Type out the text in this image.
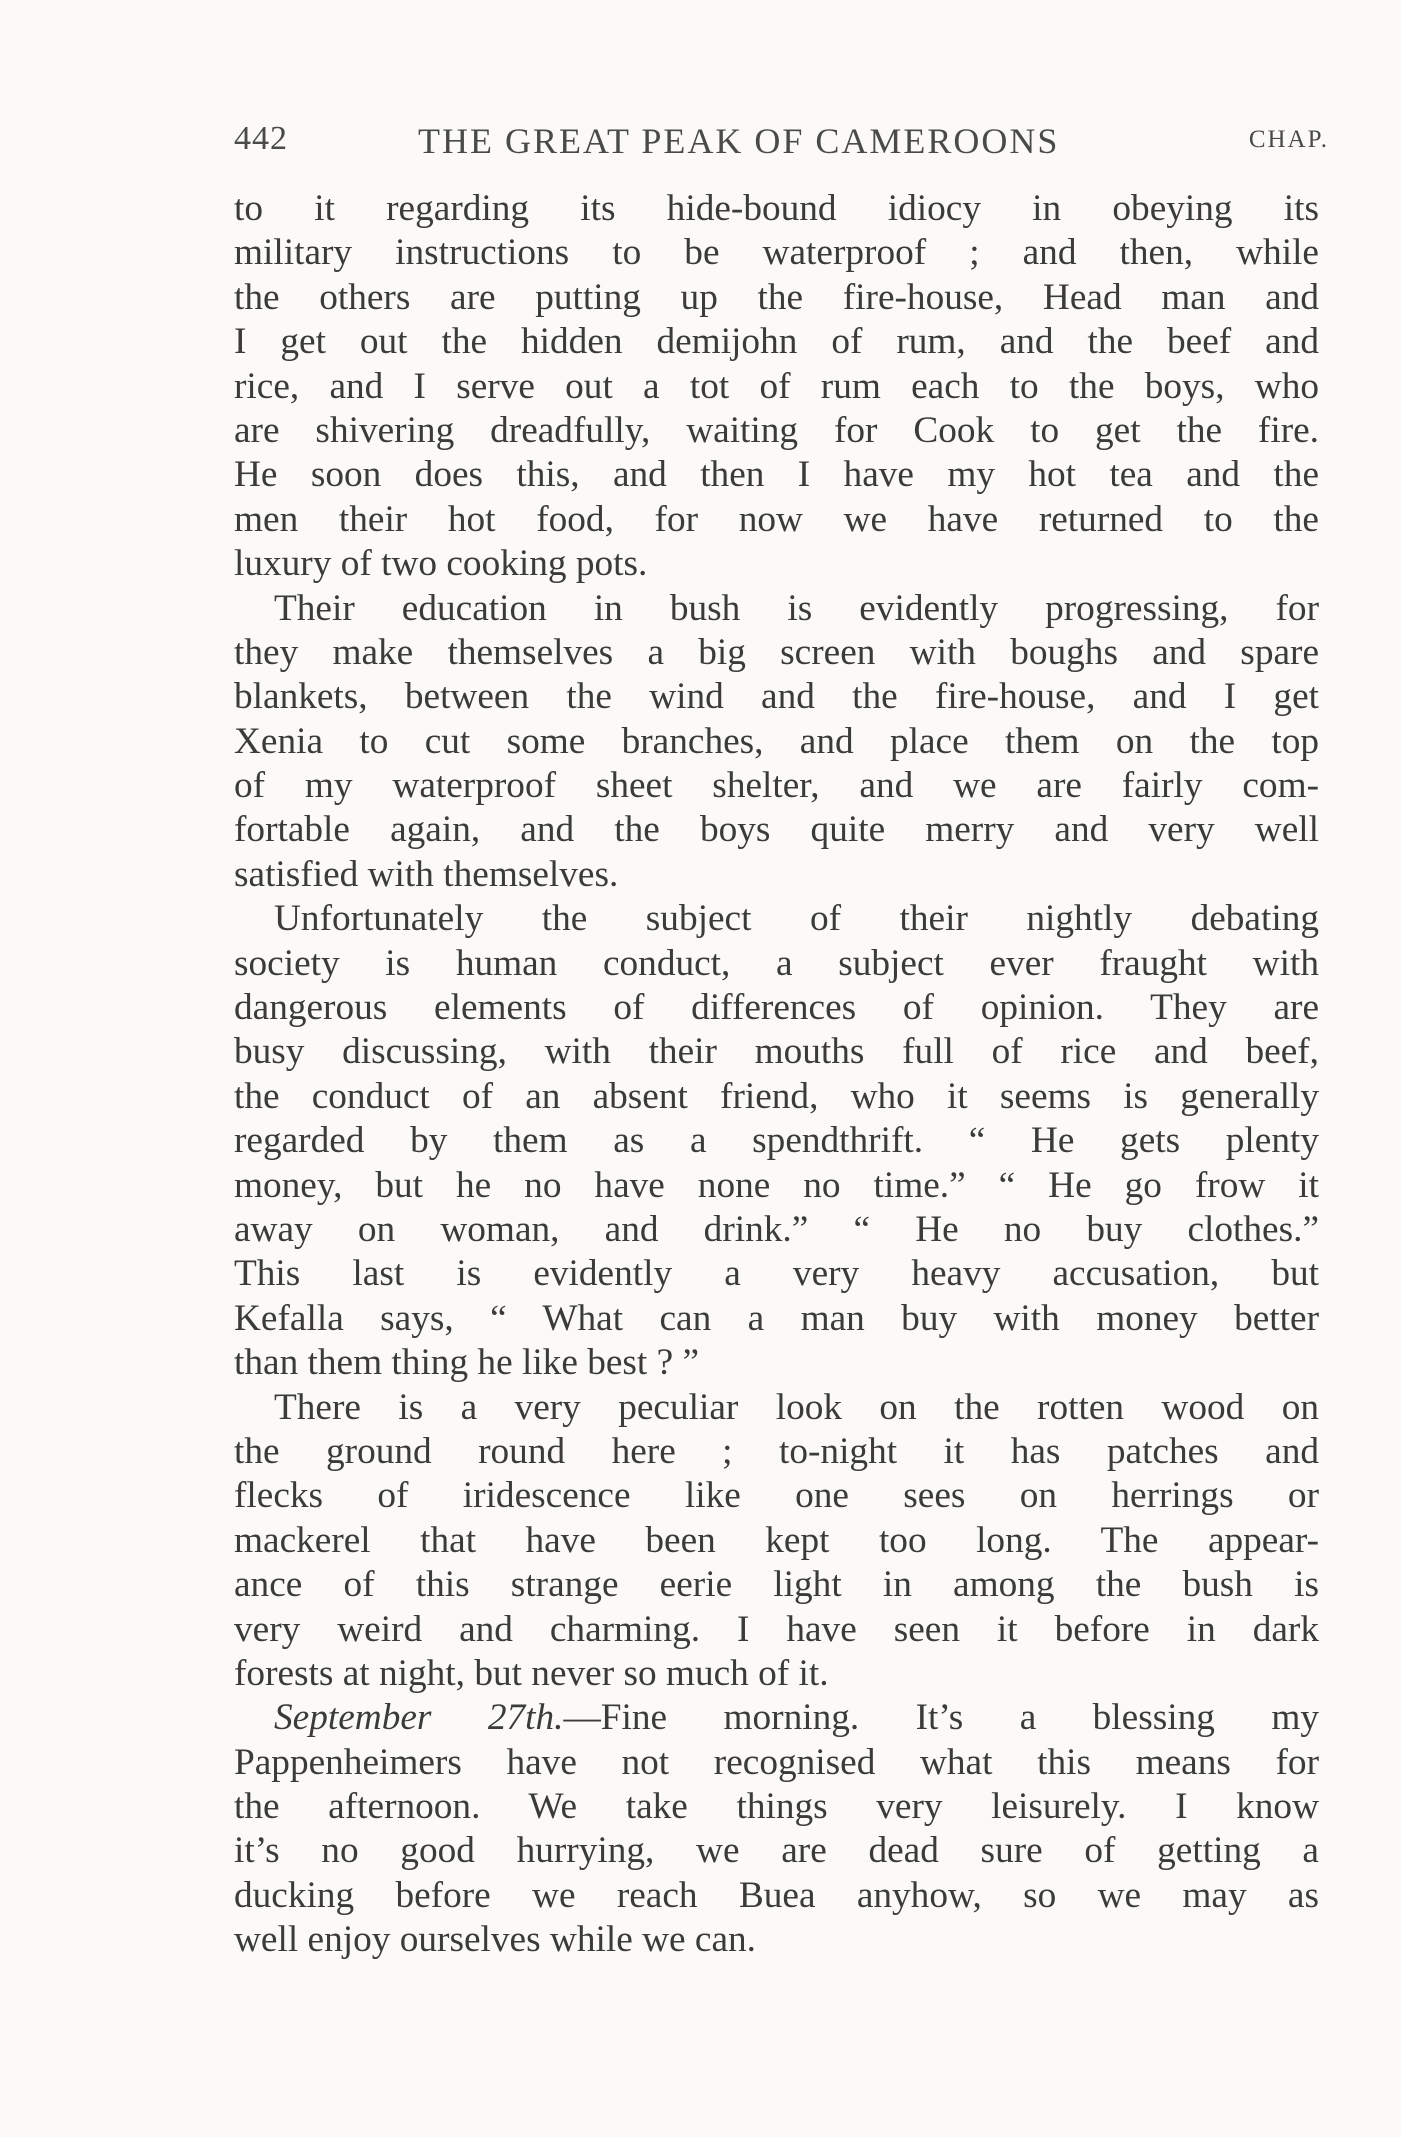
442	THE GREAT PEAK OF CAMEROONS	CHAP.
to it regarding its hide-bound idiocy in obeying its
military instructions to be waterproof ; and then, while
the others are putting up the fire-house, Head man and
I get out the hidden demijohn of rum, and the beef and
rice, and I serve out a tot of rum each to the boys, who
are shivering dreadfully, waiting for Cook to get the fire.
He soon does this, and then I have my hot tea and the
men their hot food, for now we have returned to the
luxury of two cooking pots.
Their education in bush is evidently progressing, for
they make themselves a big screen with boughs and spare
blankets, between the wind and the fire-house, and I get
Xenia to cut some branches, and place them on the top
of my waterproof sheet shelter, and we are fairly com-
fortable again, and the boys quite merry and very well
satisfied with themselves.
Unfortunately the subject of their nightly debating
society is human conduct, a subject ever fraught with
dangerous elements of differences of opinion. They are
busy discussing, with their mouths full of rice and beef,
the conduct of an absent friend, who it seems is generally
regarded by them as a spendthrift. “ He gets plenty
money, but he no have none no time.” “ He go frow it
away on woman, and drink.” “ He no buy clothes.”
This last is evidently a very heavy accusation, but
Kefalla says, “ What can a man buy with money better
than them thing he like best ? ”
There is a very peculiar look on the rotten wood on
the ground round here ; to-night it has patches and
flecks of iridescence like one sees on herrings or
mackerel that have been kept too long. The appear-
ance of this strange eerie light in among the bush is
very weird and charming. I have seen it before in dark
forests at night, but never so much of it.
September 27th.—Fine morning. It’s a blessing my
Pappenheimers have not recognised what this means for
the afternoon. We take things very leisurely. I know
it’s no good hurrying, we are dead sure of getting a
ducking before we reach Buea anyhow, so we may as
well enjoy ourselves while we can.
